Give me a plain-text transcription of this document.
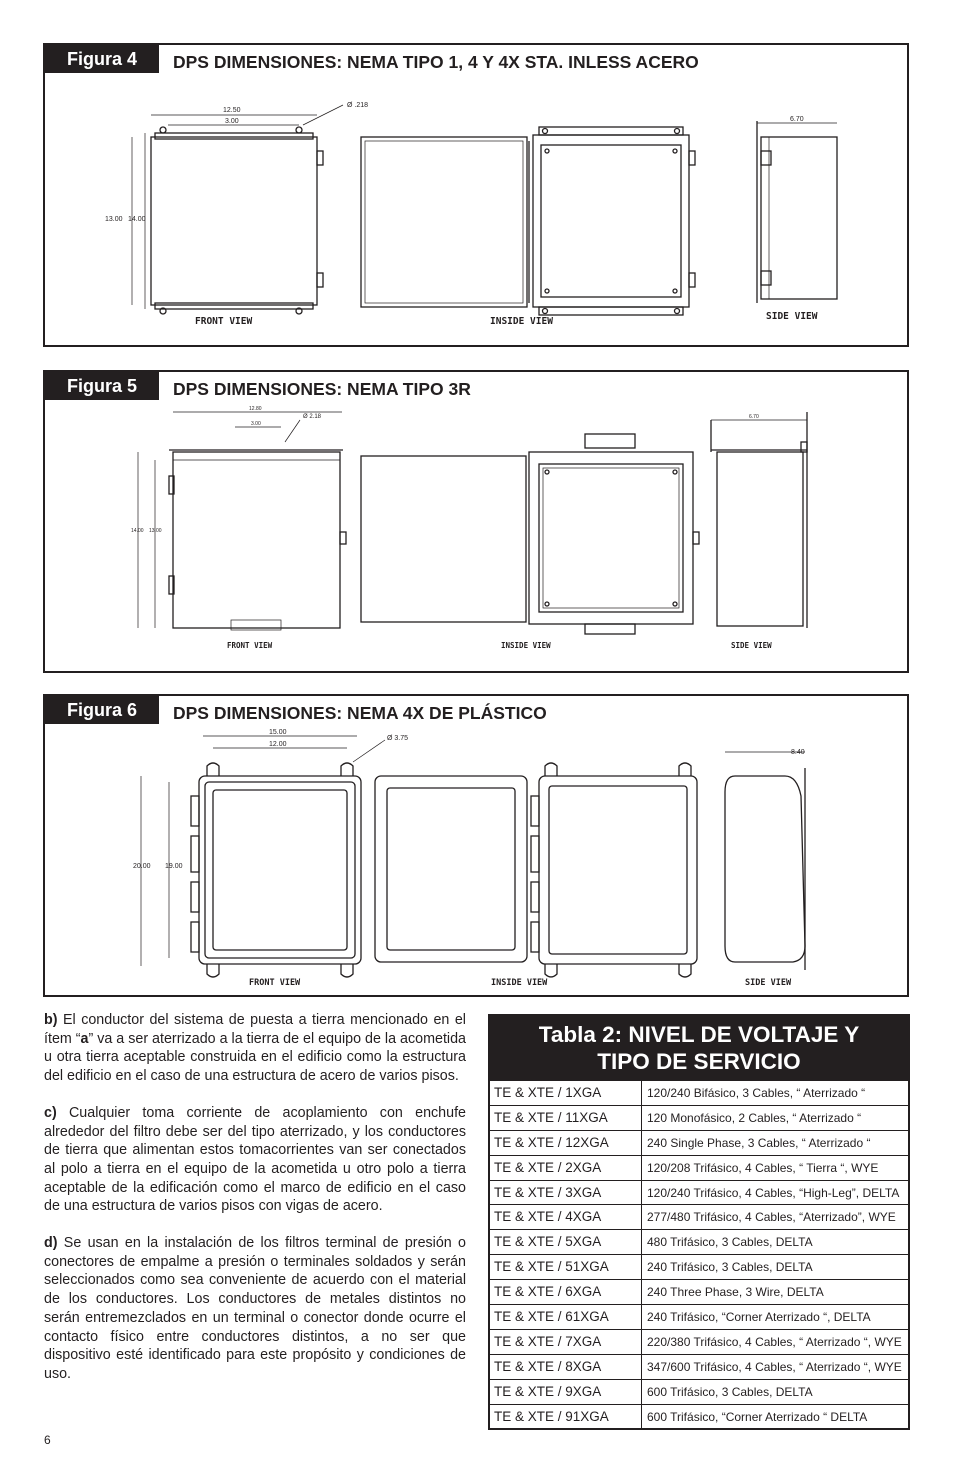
Figura 4	DPS DIMENSIONES: NEMA TIPO 1, 4 Y 4X STA. INLESS ACERO
12.50
3.00
Ø .218
13.00 14.00
6.70
FRONT VIEW	INSIDE VIEW	SIDE VIEW
Figura 5	DPS DIMENSIONES: NEMA TIPO 3R
12.80
3.00
Ø 2.18
14.00 13.00
6.70
FRONT VIEW	INSIDE VIEW	SIDE VIEW
Figura 6	DPS DIMENSIONES: NEMA 4X DE PLÁSTICO
15.00
12.00
Ø 3.75
20.00 19.00
8.40
FRONT VIEW	INSIDE VIEW	SIDE VIEW

b) El conductor del sistema de puesta a tierra mencionado en el ítem “a” va a ser aterrizado a la tierra de el equipo de la acometida u otra tierra aceptable construida en el edificio como la estructura del edificio en el caso de una estructura de acero de varios pisos.

c) Cualquier toma corriente de acoplamiento con enchufe alrededor del filtro debe ser del tipo aterrizado, y los conductores de tierra que alimentan estos tomacorrientes van ser conectados al polo a tierra en el equipo de la acometida u otro polo a tierra aceptable de la edificación como el marco de edificio en el caso de una estructura de varios pisos con vigas de acero.

d) Se usan en la instalación de los filtros terminal de presión o conectores de empalme a presión o terminales soldados y serán seleccionados como sea conveniente de acuerdo con el material de los conductores. Los conductores de metales distintos no serán entremezclados en un terminal o conector donde ocurre el contacto físico entre conductores distintos, a no ser que dispositivo esté identificado para este propósito y condiciones de uso.

Tabla 2: NIVEL DE VOLTAJE Y
TIPO DE SERVICIO
TE & XTE / 1XGA	120/240 Bifásico, 3 Cables, “ Aterrizado “
TE & XTE / 11XGA	120 Monofásico, 2 Cables, “ Aterrizado “
TE & XTE / 12XGA	240 Single Phase, 3 Cables, “ Aterrizado “
TE & XTE / 2XGA	120/208 Trifásico, 4 Cables, “ Tierra “, WYE
TE & XTE / 3XGA	120/240 Trifásico, 4 Cables, “High-Leg”, DELTA
TE & XTE / 4XGA	277/480 Trifásico, 4 Cables, “Aterrizado”, WYE
TE & XTE / 5XGA	480 Trifásico, 3 Cables, DELTA
TE & XTE / 51XGA	240 Trifásico, 3 Cables, DELTA
TE & XTE / 6XGA	240 Three Phase, 3 Wire, DELTA
TE & XTE / 61XGA	240 Trifásico, “Corner Aterrizado “, DELTA
TE & XTE / 7XGA	220/380 Trifásico, 4 Cables, “ Aterrizado “, WYE
TE & XTE / 8XGA	347/600 Trifásico, 4 Cables, “ Aterrizado “, WYE
TE & XTE / 9XGA	600 Trifásico, 3 Cables, DELTA
TE & XTE / 91XGA	600 Trifásico, “Corner Aterrizado “ DELTA
6
